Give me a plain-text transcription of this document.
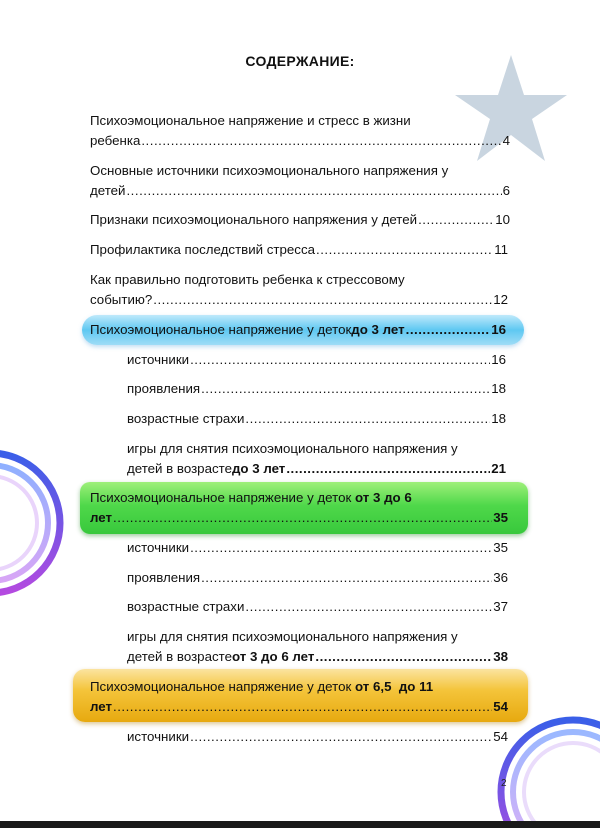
СОДЕРЖАНИЕ:
Психоэмоциональное напряжение и стресс в жизни
ребенка .....	4
Основные источники психоэмоционального напряжения у
детей .....	6
Признаки психоэмоционального напряжения у детей .....	10
Профилактика последствий стресса .....	11
Как правильно подготовить ребенка к стрессовому
событию? .....	12
Психоэмоциональное напряжение у деток до 3 лет .....	16
источники .....	16
проявления .....	18
возрастные страхи .....	18
игры для снятия психоэмоционального напряжения у
детей в возрасте до 3 лет .....	21
Психоэмоциональное напряжение у деток от 3 до 6
лет .....	35
источники .....	35
проявления .....	36
возрастные страхи .....	37
игры для снятия психоэмоционального напряжения у
детей в возрасте от 3 до 6 лет .....	38
Психоэмоциональное напряжение у деток от 6,5  до 11
лет .....	54
источники .....	54
2
